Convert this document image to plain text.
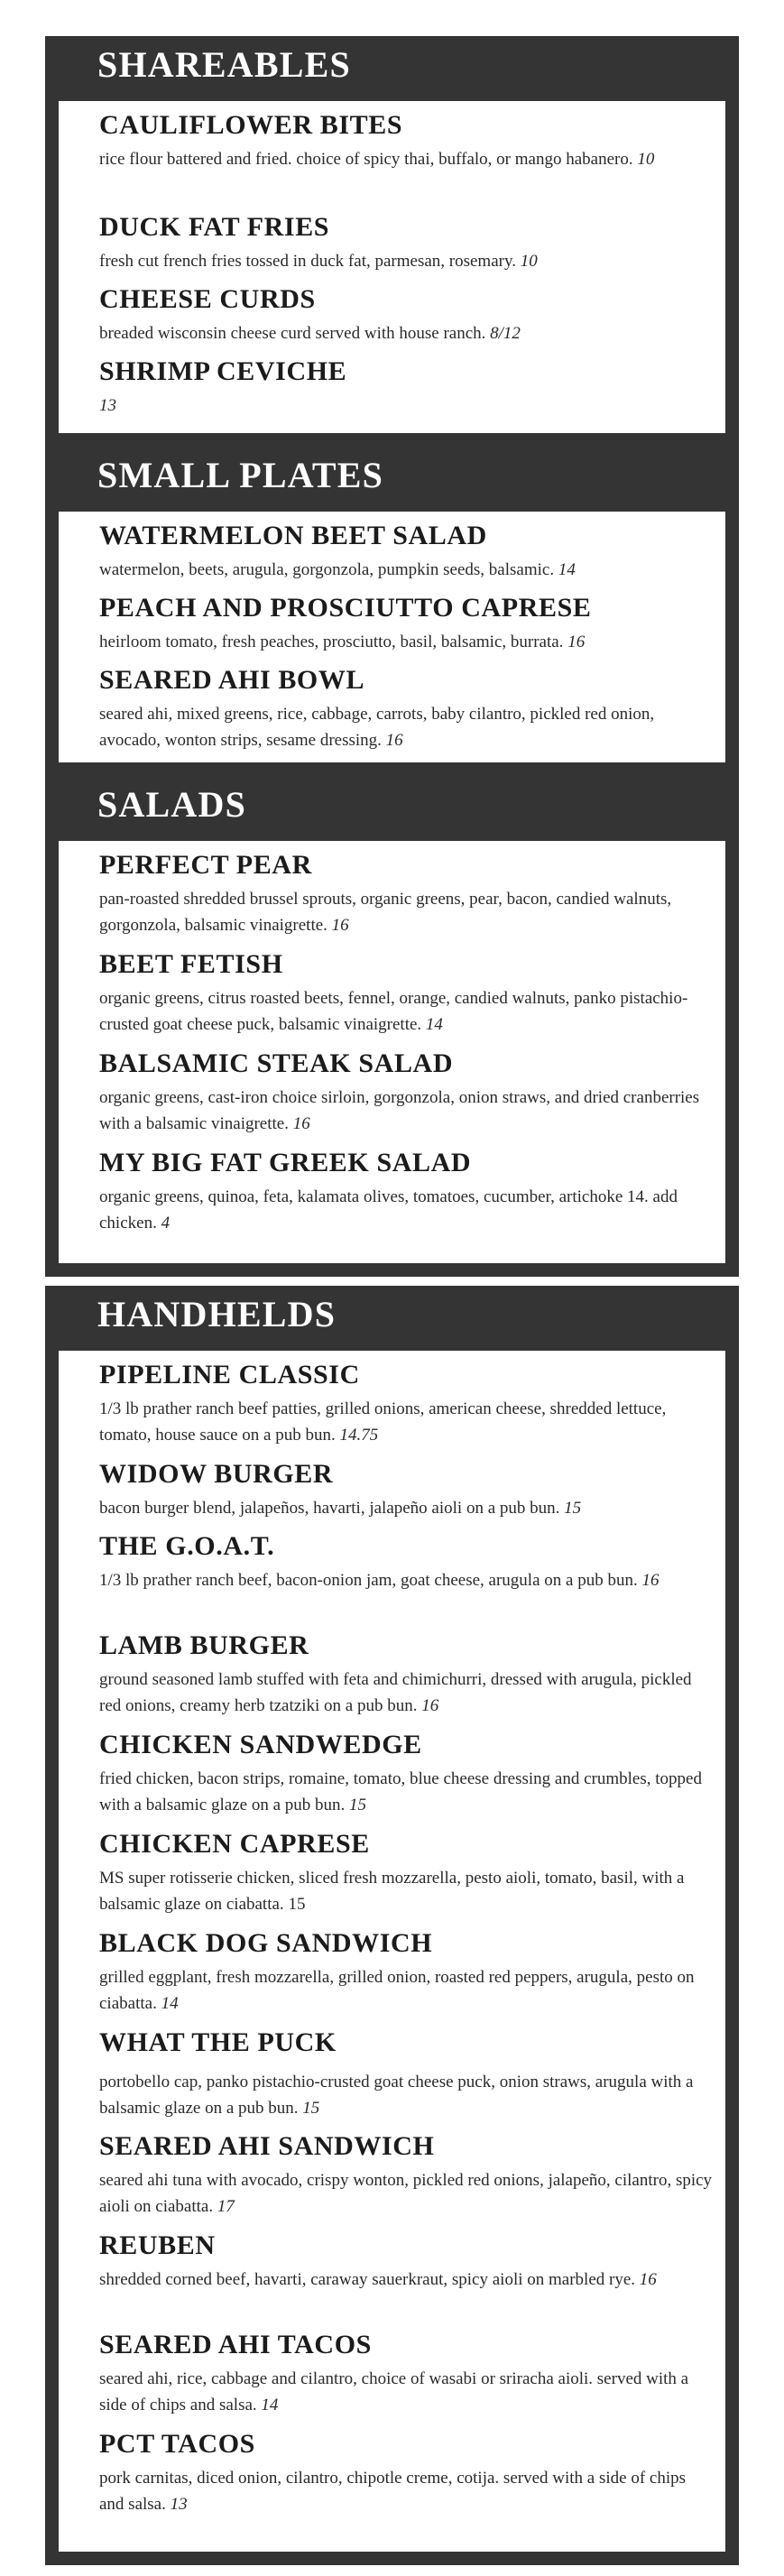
SHAREABLES
CAULIFLOWER BITES

rice flour battered and fried. choice of spicy thai, buffalo, or mango habanero. 10

DUCK FAT FRIES

fresh cut french fries tossed in duck fat, parmesan, rosemary. 10

CHEESE CURDS

breaded wisconsin cheese curd served with house ranch. 8/12

SHRIMP CEVICHE

13

SMALL PLATES
WATERMELON BEET SALAD

watermelon, beets, arugula, gorgonzola, pumpkin seeds, balsamic. 14

PEACH AND PROSCIUTTO CAPRESE

heirloom tomato, fresh peaches, prosciutto, basil, balsamic, burrata. 16

SEARED AHI BOWL

seared ahi, mixed greens, rice, cabbage, carrots, baby cilantro, pickled red onion, avocado, wonton strips, sesame dressing. 16

SALADS
PERFECT PEAR

pan-roasted shredded brussel sprouts, organic greens, pear, bacon, candied walnuts, gorgonzola, balsamic vinaigrette. 16

BEET FETISH

organic greens, citrus roasted beets, fennel, orange, candied walnuts, panko pistachio-crusted goat cheese puck, balsamic vinaigrette. 14

BALSAMIC STEAK SALAD

organic greens, cast-iron choice sirloin, gorgonzola, onion straws, and dried cranberries with a balsamic vinaigrette. 16

MY BIG FAT GREEK SALAD

organic greens, quinoa, feta, kalamata olives, tomatoes, cucumber, artichoke 14. add chicken. 4

HANDHELDS
PIPELINE CLASSIC

1/3 lb prather ranch beef patties, grilled onions, american cheese, shredded lettuce, tomato, house sauce on a pub bun. 14.75

WIDOW BURGER

bacon burger blend, jalapeños, havarti, jalapeño aioli on a pub bun. 15

THE G.O.A.T.

1/3 lb prather ranch beef, bacon-onion jam, goat cheese, arugula on a pub bun. 16

LAMB BURGER

ground seasoned lamb stuffed with feta and chimichurri, dressed with arugula, pickled red onions, creamy herb tzatziki on a pub bun. 16

CHICKEN SANDWEDGE

fried chicken, bacon strips, romaine, tomato, blue cheese dressing and crumbles, topped with a balsamic glaze on a pub bun. 15

CHICKEN CAPRESE

MS super rotisserie chicken, sliced fresh mozzarella, pesto aioli, tomato, basil, with a balsamic glaze on ciabatta. 15

BLACK DOG SANDWICH

grilled eggplant, fresh mozzarella, grilled onion, roasted red peppers, arugula, pesto on ciabatta. 14

WHAT THE PUCK

portobello cap, panko pistachio-crusted goat cheese puck, onion straws, arugula with a balsamic glaze on a pub bun. 15

SEARED AHI SANDWICH

seared ahi tuna with avocado, crispy wonton, pickled red onions, jalapeño, cilantro, spicy aioli on ciabatta. 17

REUBEN

shredded corned beef, havarti, caraway sauerkraut, spicy aioli on marbled rye. 16

SEARED AHI TACOS

seared ahi, rice, cabbage and cilantro, choice of wasabi or sriracha aioli. served with a side of chips and salsa. 14

PCT TACOS

pork carnitas, diced onion, cilantro, chipotle creme, cotija. served with a side of chips and salsa. 13
